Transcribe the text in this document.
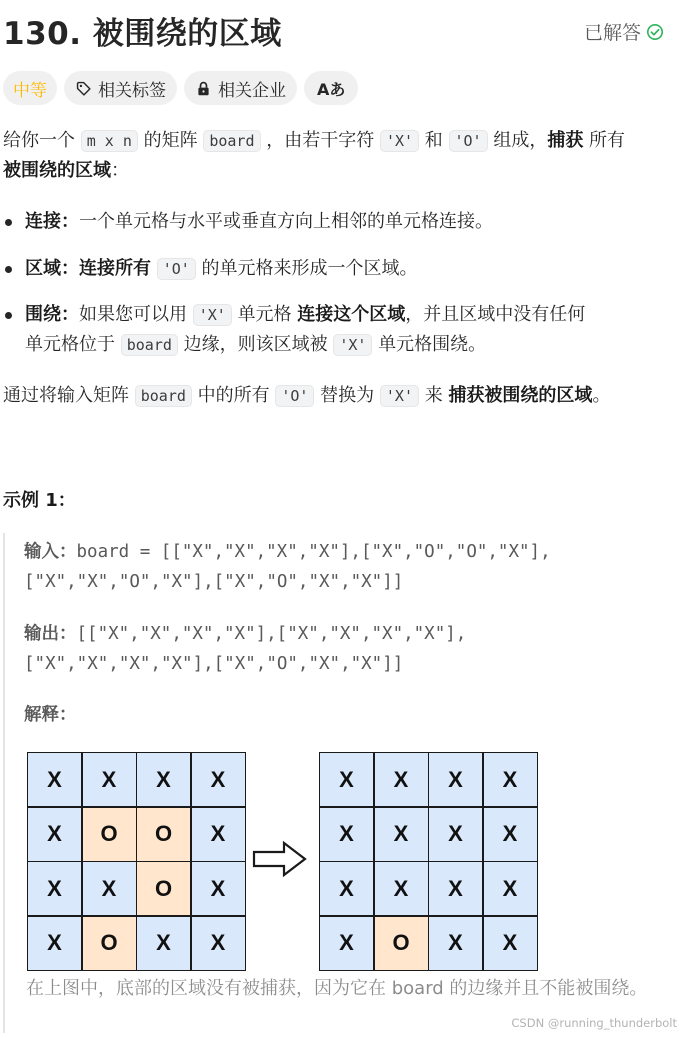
130. 被围绕的区域	已解答
中等	相关标签	相关企业 Aあ
给你一个 m x n 的矩阵 board ，由若干字符 'X' 和 'O' 组成，捕获 所有
被围绕的区域：
连接：一个单元格与水平或垂直方向上相邻的单元格连接。
区域：连接所有 'O' 的单元格来形成一个区域。
围绕：如果您可以用 'X' 单元格 连接这个区域，并且区域中没有任何
单元格位于 board 边缘，则该区域被 'X' 单元格围绕。
通过将输入矩阵 board 中的所有 'O' 替换为 'X' 来 捕获被围绕的区域。
示例 1：
输入：board = [["X","X","X","X"],["X","O","O","X"],
["X","X","O","X"],["X","O","X","X"]]
输出：[["X","X","X","X"],["X","X","X","X"],
["X","X","X","X"],["X","O","X","X"]]
解释：
X	X	X	X
X	O	O	X
X	X	O	X
X	O	X	X
X	X	X	X
X	X	X	X
X	X	X	X
X	O	X	X
在上图中，底部的区域没有被捕获，因为它在 board 的边缘并且不能被围绕。
CSDN @running_thunderbolt
